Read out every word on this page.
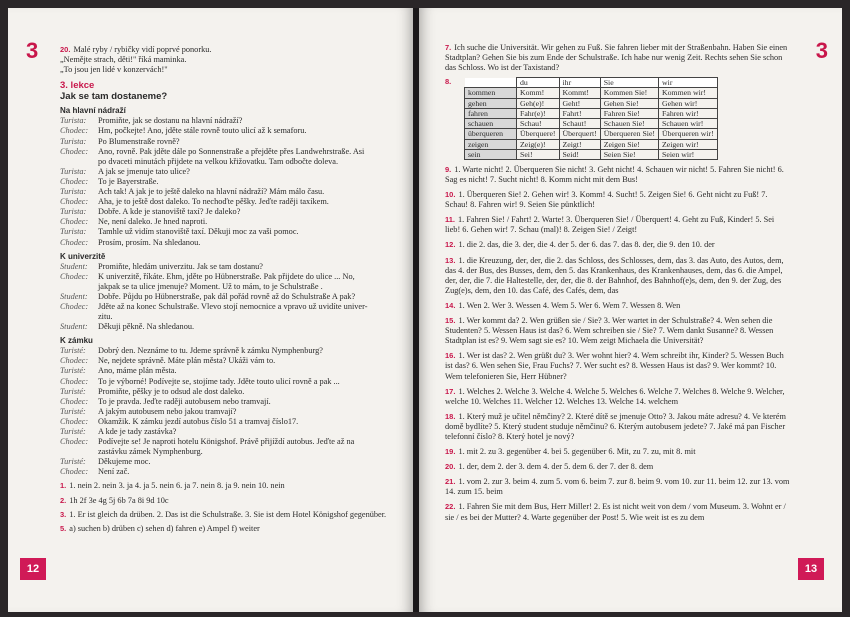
3	20. Malé ryby / rybičky vidí poprvé ponorku.
„Nemějte strach, děti!" říká maminka.
„To jsou jen lidé v konzervách!"
3. lekce
Jak se tam dostaneme?
Na hlavní nádraží
Turista:	Promiňte, jak se dostanu na hlavní nádraží?
Chodec:	Hm, počkejte! Ano, jděte stále rovně touto ulicí až k semaforu.
Turista:	Po Blumenstraße rovně?
Chodec:	Ano, rovně. Pak jděte dále po Sonnenstraße a přejděte přes Landwehrstraße. Asi
po dvaceti minutách přijdete na velkou křižovatku. Tam odbočte doleva.
Turista:	A jak se jmenuje tato ulice?
Chodec:	To je Bayerstraße.
Turista:	Ach tak! A jak je to ještě daleko na hlavní nádraží? Mám málo času.
Chodec:	Aha, je to ještě dost daleko. To nechoďte pěšky. Jeďte raději taxíkem.
Turista:	Dobře. A kde je stanoviště taxí? Je daleko?
Chodec:	Ne, není daleko. Je hned naproti.
Turista:	Tamhle už vidím stanoviště taxí. Děkuji moc za vaši pomoc.
Chodec:	Prosím, prosím. Na shledanou.
K univerzitě
Student:	Promiňte, hledám univerzitu. Jak se tam dostanu?
Chodec:	K univerzitě, říkáte. Ehm, jděte po Hübnerstraße. Pak přijdete do ulice ... No,
jakpak se ta ulice jmenuje? Moment. Už to mám, to je Schulstraße .
Student:	Dobře. Půjdu po Hübnerstraße, pak dál pořád rovně až do Schulstraße A pak?
Chodec:	Jděte až na konec Schulstraße. Vlevo stojí nemocnice a vpravo už uvidíte univer-
zitu.
Student:	Děkuji pěkně. Na shledanou.
K zámku
Turisté:	Dobrý den. Neznáme to tu. Jdeme správně k zámku Nymphenburg?
Chodec:	Ne, nejdete správně. Máte plán města? Ukáži vám to.
Turisté:	Ano, máme plán města.
Chodec:	To je výborné! Podívejte se, stojíme tady. Jděte touto ulicí rovně a pak ...
Turisté:	Promiňte, pěšky je to odsud ale dost daleko.
Chodec:	To je pravda. Jeďte raději autobusem nebo tramvají.
Turisté:	A jakým autobusem nebo jakou tramvají?
Chodec:	Okamžik. K zámku jezdí autobus číslo 51 a tramvaj číslo17.
Turisté:	A kde je tady zastávka?
Chodec:	Podívejte se! Je naproti hotelu Königshof. Právě přijíždí autobus. Jeďte až na
zastávku zámek Nymphenburg.
Turisté:	Děkujeme moc.
Chodec:	Není zač.
1. 1. nein 2. nein 3. ja 4. ja 5. nein 6. ja 7. nein 8. ja 9. nein 10. nein
2. 1h 2f 3e 4g 5j 6b 7a 8i 9d 10c
3. 1. Er ist gleich da drüben. 2. Das ist die Schulstraße. 3. Sie ist dem Hotel Königshof gegenüber.
5. a) suchen b) drüben c) sehen d) fahren e) Ampel f) weiter
12
3
7. Ich suche die Universität. Wir gehen zu Fuß. Sie fahren lieber mit der Straßenbahn. Haben Sie einen Stadtplan? Gehen Sie bis zum Ende der Schulstraße. Ich habe nur wenig Zeit. Rechts sehen Sie schon das Schloss. Wo ist der Taxistand?
8.
		du	ihr	Sie	wir
kommen	Komm!	Kommt!	Kommen Sie!	Kommen wir!
gehen	Geh(e)!	Geht!	Gehen Sie!	Gehen wir!
fahren	Fahr(e)!	Fahrt!	Fahren Sie!	Fahren wir!
schauen	Schau!	Schaut!	Schauen Sie!	Schauen wir!
überqueren	Überquere!	Überquert!	Überqueren Sie!	Überqueren wir!
zeigen	Zeig(e)!	Zeigt!	Zeigen Sie!	Zeigen wir!
sein	Sei!	Seid!	Seien Sie!	Seien wir!
9. 1. Warte nicht! 2. Überqueren Sie nicht! 3. Geht nicht! 4. Schauen wir nicht! 5. Fahren Sie nicht! 6. Sag es nicht! 7. Sucht nicht! 8. Komm nicht mit dem Bus!
10. 1. Überqueren Sie! 2. Gehen wir! 3. Komm! 4. Sucht! 5. Zeigen Sie! 6. Geht nicht zu Fuß! 7. Schau! 8. Fahren wir! 9. Seien Sie pünktlich!
11. 1. Fahren Sie! / Fahrt! 2. Warte! 3. Überqueren Sie! / Überquert! 4. Geht zu Fuß, Kinder! 5. Sei lieb! 6. Gehen wir! 7. Schau (mal)! 8. Zeigen Sie! / Zeigt!
12. 1. die 2. das, die 3. der, die 4. der 5. der 6. das 7. das 8. der, die 9. den 10. der
13. 1. die Kreuzung, der, der, die 2. das Schloss, des Schlosses, dem, das 3. das Auto, des Autos, dem, das 4. der Bus, des Busses, dem, den 5. das Krankenhaus, des Krankenhauses, dem, das 6. die Ampel, der, der, die 7. die Haltestelle, der, der, die 8. der Bahnhof, des Bahnhof(e)s, dem, den 9. der Zug, des Zug(e)s, dem, den 10. das Café, des Cafés, dem, das
14. 1. Wen 2. Wer 3. Wessen 4. Wem 5. Wer 6. Wem 7. Wessen 8. Wen
15. 1. Wer kommt da? 2. Wen grüßen sie / Sie? 3. Wer wartet in der Schulstraße? 4. Wen sehen die Studenten? 5. Wessen Haus ist das? 6. Wem schreiben sie / Sie? 7. Wem dankt Susanne? 8. Wessen Stadtplan ist es? 9. Wem sagt sie es? 10. Wem zeigt Michaela die Universität?
16. 1. Wer ist das? 2. Wen grüßt du? 3. Wer wohnt hier? 4. Wem schreibt ihr, Kinder? 5. Wessen Buch ist das? 6. Wen sehen Sie, Frau Fuchs? 7. Wer sucht es? 8. Wessen Haus ist das? 9. Wer kommt? 10. Wem telefonieren Sie, Herr Hübner?
17. 1. Welches 2. Welche 3. Welche 4. Welche 5. Welches 6. Welche 7. Welches 8. Welche 9. Welcher, welche 10. Welches 11. Welcher 12. Welches 13. Welche 14. welchem
18. 1. Který muž je učitel němčiny? 2. Které dítě se jmenuje Otto? 3. Jakou máte adresu? 4. Ve kterém domě bydlíte? 5. Který student studuje němčinu? 6. Kterým autobusem jedete? 7. Jaké má pan Fischer telefonní číslo? 8. Který hotel je nový?
19. 1. mit 2. zu 3. gegenüber 4. bei 5. gegenüber 6. Mit, zu 7. zu, mit 8. mit
20. 1. der, dem 2. der 3. dem 4. der 5. dem 6. der 7. der 8. dem
21. 1. vom 2. zur 3. beim 4. zum 5. vom 6. beim 7. zur 8. beim 9. vom 10. zur 11. beim 12. zur 13. vom 14. zum 15. beim
22. 1. Fahren Sie mit dem Bus, Herr Miller! 2. Es ist nicht weit von dem / vom Museum. 3. Wohnt er / sie / es bei der Mutter? 4. Warte gegenüber der Post! 5. Wie weit ist es zu dem
13
